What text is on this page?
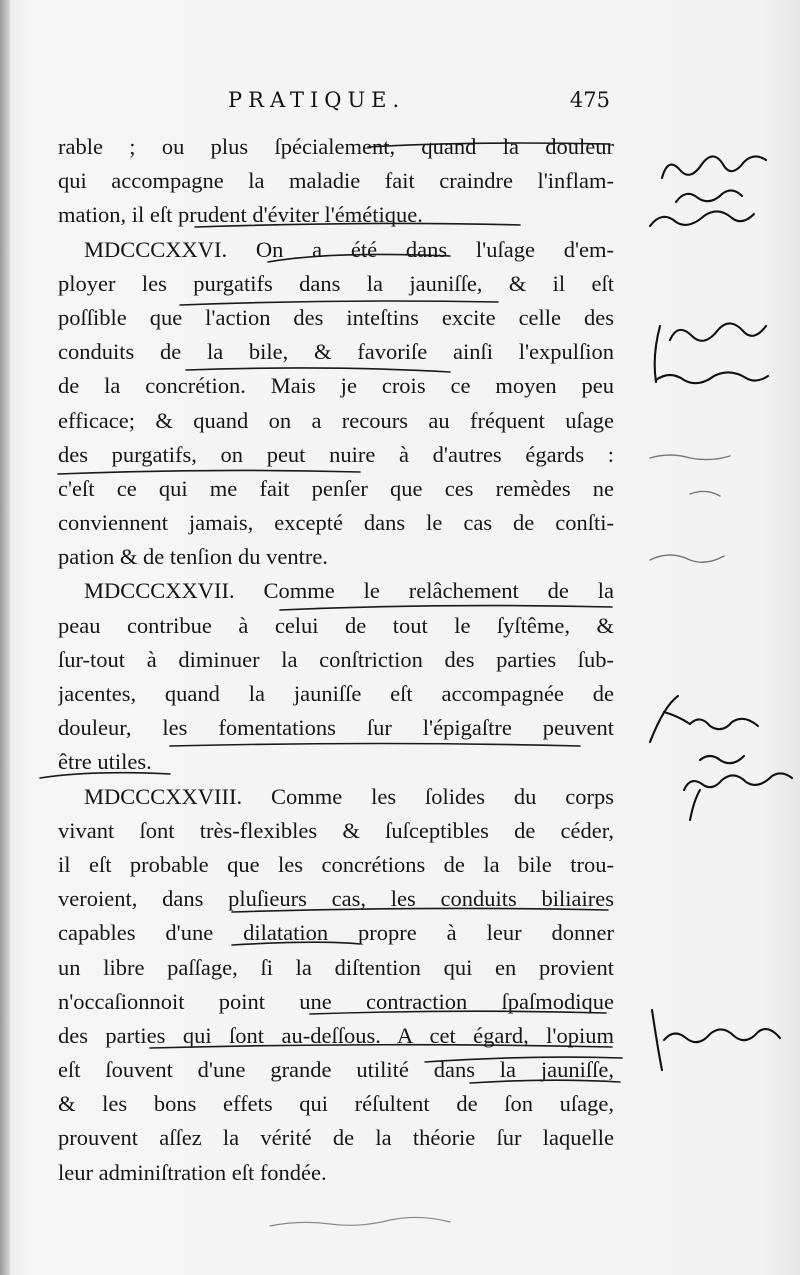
PRATIQUE.	475
rable ; ou plus ſpécialement, quand la douleur
qui accompagne la maladie fait craindre l'inflam-
mation, il eſt prudent d'éviter l'émétique.
MDCCCXXVI. On a été dans l'uſage d'em-
ployer les purgatifs dans la jauniſſe, & il eſt
poſſible que l'action des inteſtins excite celle des
conduits de la bile, & favoriſe ainſi l'expulſion
de la concrétion. Mais je crois ce moyen peu
efficace; & quand on a recours au fréquent uſage
des purgatifs, on peut nuire à d'autres égards :
c'eſt ce qui me fait penſer que ces remèdes ne
conviennent jamais, excepté dans le cas de conſti-
pation & de tenſion du ventre.
MDCCCXXVII. Comme le relâchement de la
peau contribue à celui de tout le ſyſtême, &
ſur-tout à diminuer la conſtriction des parties ſub-
jacentes, quand la jauniſſe eſt accompagnée de
douleur, les fomentations ſur l'épigaſtre peuvent
être utiles.
MDCCCXXVIII. Comme les ſolides du corps
vivant ſont très-flexibles & ſuſceptibles de céder,
il eſt probable que les concrétions de la bile trou-
veroient, dans pluſieurs cas, les conduits biliaires
capables d'une dilatation propre à leur donner
un libre paſſage, ſi la diſtention qui en provient
n'occaſionnoit point une contraction ſpaſmodique
des parties qui ſont au-deſſous. A cet égard, l'opium
eſt ſouvent d'une grande utilité dans la jauniſſe,
& les bons effets qui réſultent de ſon uſage,
prouvent aſſez la vérité de la théorie ſur laquelle
leur adminiſtration eſt fondée.
